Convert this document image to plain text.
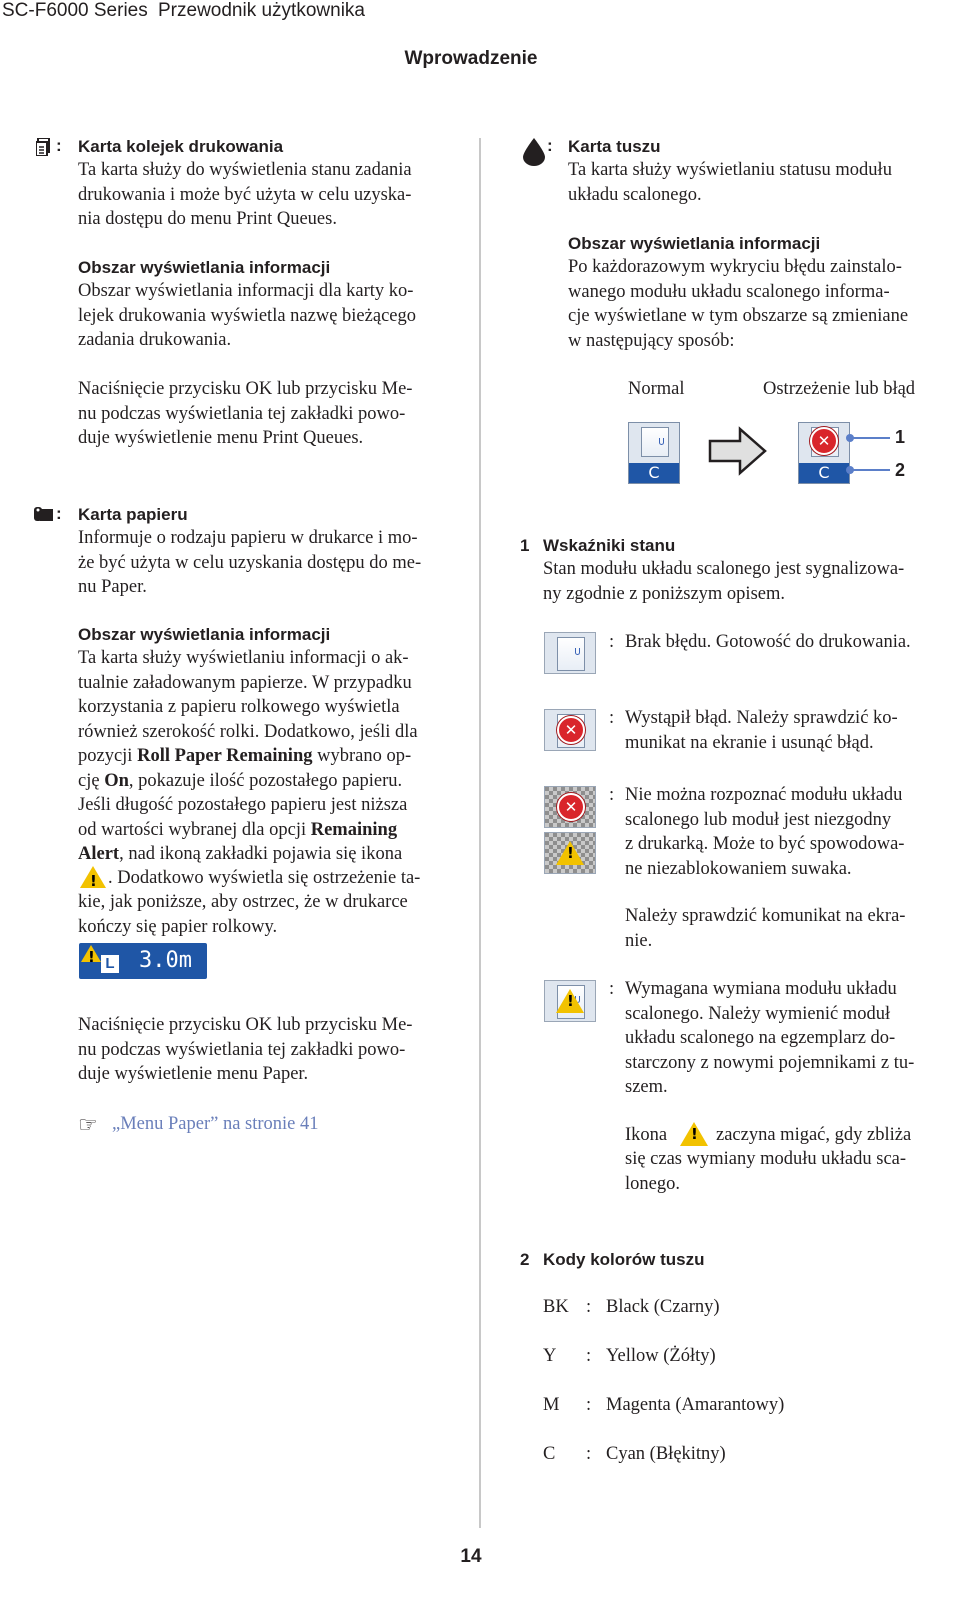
SC-F6000 Series Przewodnik użytkownika
Wprowadzenie
: Karta kolejek drukowania
Ta karta służy do wyświetlenia stanu zadania
drukowania i może być użyta w celu uzyska-
nia dostępu do menu Print Queues.
Obszar wyświetlania informacji
Obszar wyświetlania informacji dla karty ko-
lejek drukowania wyświetla nazwę bieżącego
zadania drukowania.
Naciśnięcie przycisku OK lub przycisku Me-
nu podczas wyświetlania tej zakładki powo-
duje wyświetlenie menu Print Queues.
: Karta papieru
Informuje o rodzaju papieru w drukarce i mo-
że być użyta w celu uzyskania dostępu do me-
nu Paper.
Obszar wyświetlania informacji
Ta karta służy wyświetlaniu informacji o ak-
tualnie załadowanym papierze. W przypadku
korzystania z papieru rolkowego wyświetla
również szerokość rolki. Dodatkowo, jeśli dla
pozycji Roll Paper Remaining wybrano op-
cję On, pokazuje ilość pozostałego papieru.
Jeśli długość pozostałego papieru jest niższa
od wartości wybranej dla opcji Remaining
Alert, nad ikoną zakładki pojawia się ikona
!. Dodatkowo wyświetla się ostrzeżenie ta-
kie, jak poniższe, aby ostrzec, że w drukarce
kończy się papier rolkowy.
!
L 3.0m
Naciśnięcie przycisku OK lub przycisku Me-
nu podczas wyświetlania tej zakładki powo-
duje wyświetlenie menu Paper.
☞ „Menu Paper” na stronie 41
: Karta tuszu
Ta karta służy wyświetlaniu statusu modułu
układu scalonego.
Obszar wyświetlania informacji
Po każdorazowym wykryciu błędu zainstalo-
wanego modułu układu scalonego informa-
cje wyświetlane w tym obszarze są zmieniane
w następujący sposób:
Normal	Ostrzeżenie lub błąd
C
✕
C
1
2
1 Wskaźniki stanu
Stan modułu układu scalonego jest sygnalizowa-
ny zgodnie z poniższym opisem.
: Brak błędu. Gotowość do drukowania.
✕
: Wystąpił błąd. Należy sprawdzić ko-
munikat na ekranie i usunąć błąd.
✕
!
: Nie można rozpoznać modułu układu
scalonego lub moduł jest niezgodny
z drukarką. Może to być spowodowa-
ne niezablokowaniem suwaka.
Należy sprawdzić komunikat na ekra-
nie.
!
: Wymagana wymiana modułu układu
scalonego. Należy wymienić moduł
układu scalonego na egzemplarz do-
starczony z nowymi pojemnikami z tu-
szem.
Ikona
!	zaczyna migać, gdy zbliża
się czas wymiany modułu układu sca-
lonego.
2 Kody kolorów tuszu
BK : Black (Czarny)
Y : Yellow (Żółty)
M : Magenta (Amarantowy)
C : Cyan (Błękitny)
14
